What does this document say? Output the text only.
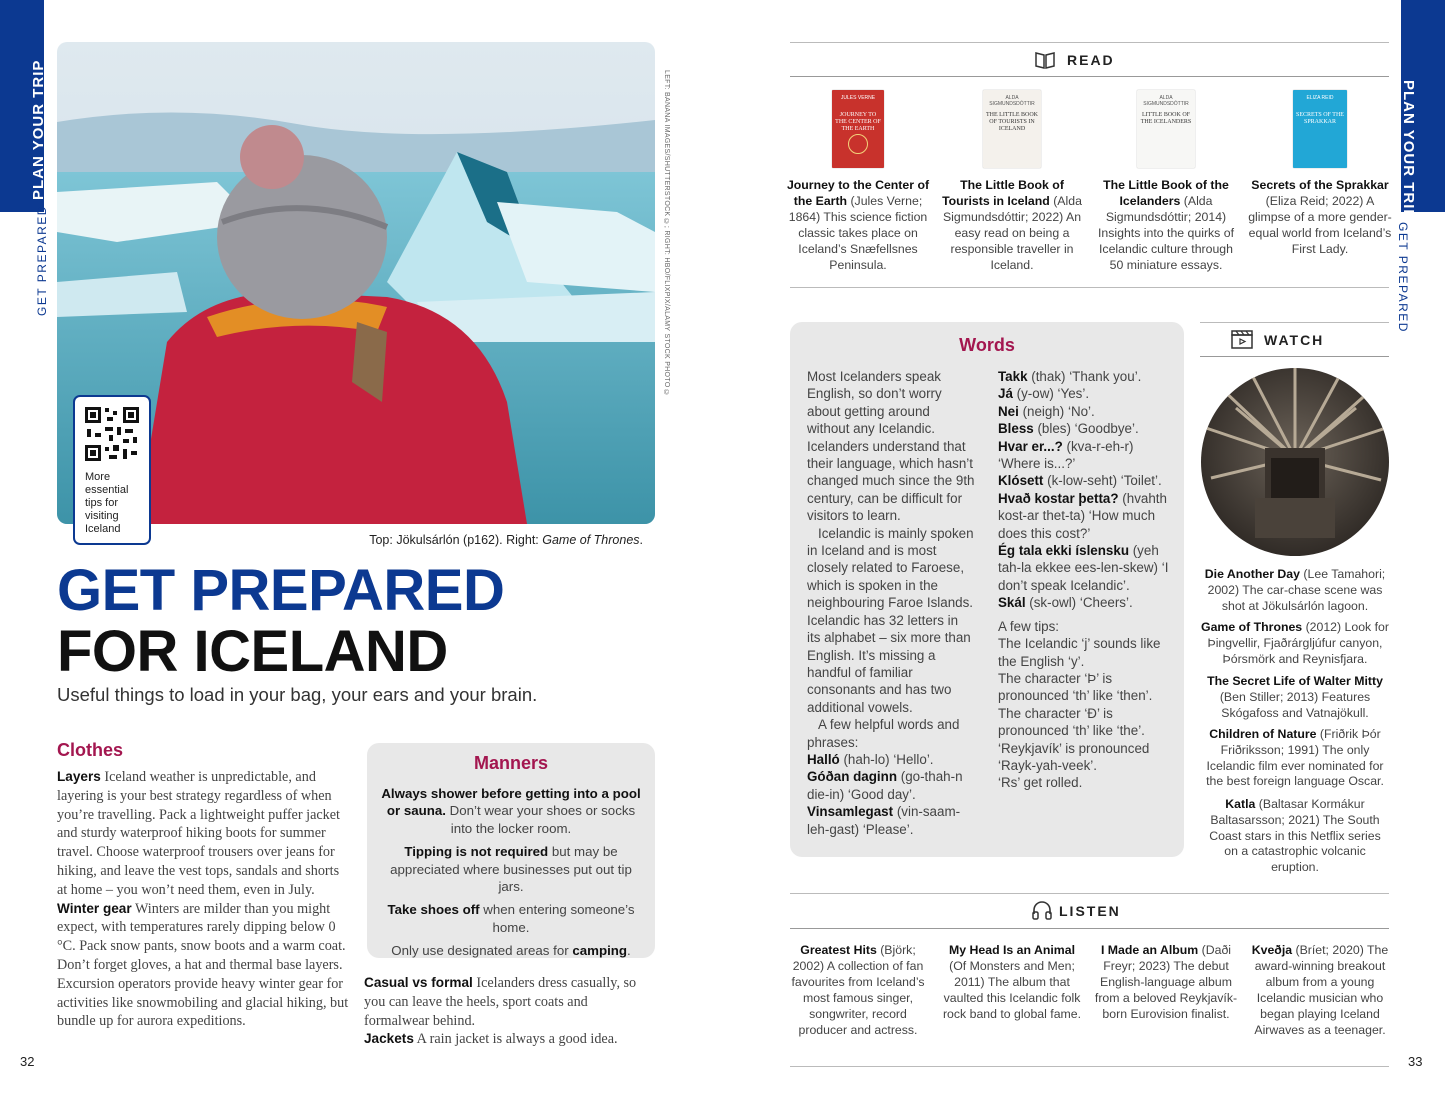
PLAN YOUR TRIP
GET PREPARED
PLAN YOUR TRIP
GET PREPARED
32	33
LEFT: BANANA IMAGES/SHUTTERSTOCK ©; RIGHT: HBO/FLIXPIX/ALAMY STOCK PHOTO ©
More
essential
tips for
visiting
Iceland
Top: Jökulsárlón (p162). Right: Game of Thrones.
GET PREPARED
FOR ICELAND
Useful things to load in your bag, your ears and your brain.
Clothes
Layers Iceland weather is unpredictable, and layering is your best strategy regardless of when you’re travelling. Pack a lightweight puffer jacket and sturdy waterproof hiking boots for summer travel. Choose waterproof trousers over jeans for hiking, and leave the vest tops, sandals and shorts at home – you won’t need them, even in July.
Winter gear Winters are milder than you might expect, with temperatures rarely dipping below 0 °C. Pack snow pants, snow boots and a warm coat. Don’t forget gloves, a hat and thermal base layers. Excursion operators provide heavy winter gear for activities like snowmobiling and glacial hiking, but bundle up for aurora expeditions.
Manners

Always shower before getting into a pool or sauna. Don’t wear your shoes or socks into the locker room.

Tipping is not required but may be appreciated where businesses put out tip jars.

Take shoes off when entering someone’s home.

Only use designated areas for camping.

Casual vs formal Icelanders dress casually, so you can leave the heels, sport coats and formalwear behind.
Jackets A rain jacket is always a good idea.
READ
JULES VERNE
JOURNEY TO THE CENTER OF THE EARTH
Journey to the Center of the Earth (Jules Verne; 1864) This science fiction classic takes place on Iceland’s Snæfellsnes Peninsula.
ALDA SIGMUNDSDÓTTIR
THE LITTLE BOOK OF TOURISTS IN ICELAND
The Little Book of Tourists in Iceland (Alda Sigmundsdóttir; 2022) An easy read on being a responsible traveller in Iceland.
ALDA SIGMUNDSDÓTTIR
LITTLE BOOK OF THE ICELANDERS
The Little Book of the Icelanders (Alda Sigmundsdóttir; 2014) Insights into the quirks of Icelandic culture through 50 miniature essays.
ELIZA REID
SECRETS OF THE SPRAKKAR
Secrets of the Sprakkar (Eliza Reid; 2022) A glimpse of a more gender-equal world from Iceland’s First Lady.
Words

Most Icelanders speak English, so don’t worry about getting around without any Icelandic. Icelanders understand that their language, which hasn’t changed much since the 9th century, can be difficult for visitors to learn.

Icelandic is mainly spoken in Iceland and is most closely related to Faroese, which is spoken in the neighbouring Faroe Islands. Icelandic has 32 letters in its alphabet – six more than English. It’s missing a handful of familiar consonants and has two additional vowels.

A few helpful words and phrases:

Halló (hah-lo) ‘Hello’.

Góðan daginn (go-thah-n die-in) ‘Good day’.

Vinsamlegast (vin-saam-leh-gast) ‘Please’.

Takk (thak) ‘Thank you’.

Já (y-ow) ‘Yes’.

Nei (neigh) ‘No’.

Bless (bles) ‘Goodbye’.

Hvar er...? (kva-r-eh-r) ‘Where is...?’

Klósett (k-low-seht) ‘Toilet’.

Hvað kostar þetta? (hvahth kost-ar thet-ta) ‘How much does this cost?’

Ég tala ekki íslensku (yeh tah-la ekkee ees-len-skew) ‘I don’t speak Icelandic’.

Skál (sk-owl) ‘Cheers’.

A few tips:

The Icelandic ‘j’ sounds like the English ‘y’.

The character ‘Þ’ is pronounced ‘th’ like ‘then’.

The character ‘Ð’ is pronounced ‘th’ like ‘the’.

‘Reykjavík’ is pronounced ‘Rayk-yah-veek’.

‘Rs’ get rolled.

WATCH
Die Another Day (Lee Tamahori; 2002) The car-chase scene was shot at Jökulsárlón lagoon.
Game of Thrones (2012) Look for Þingvellir, Fjaðrárgljúfur canyon, Þórsmörk and Reynisfjara.
The Secret Life of Walter Mitty (Ben Stiller; 2013) Features Skógafoss and Vatnajökull.
Children of Nature (Friðrik Þór Friðriksson; 1991) The only Icelandic film ever nominated for the best foreign language Oscar.
Katla (Baltasar Kormákur Baltasarsson; 2021) The South Coast stars in this Netflix series on a catastrophic volcanic eruption.
LISTEN
Greatest Hits (Björk; 2002) A collection of fan favourites from Iceland’s most famous singer, songwriter, record producer and actress.
My Head Is an Animal (Of Monsters and Men; 2011) The album that vaulted this Icelandic folk rock band to global fame.
I Made an Album (Daði Freyr; 2023) The debut English-language album from a beloved Reykjavík-born Eurovision finalist.
Kveðja (Bríet; 2020) The award-winning breakout album from a young Icelandic musician who began playing Iceland Airwaves as a teenager.
